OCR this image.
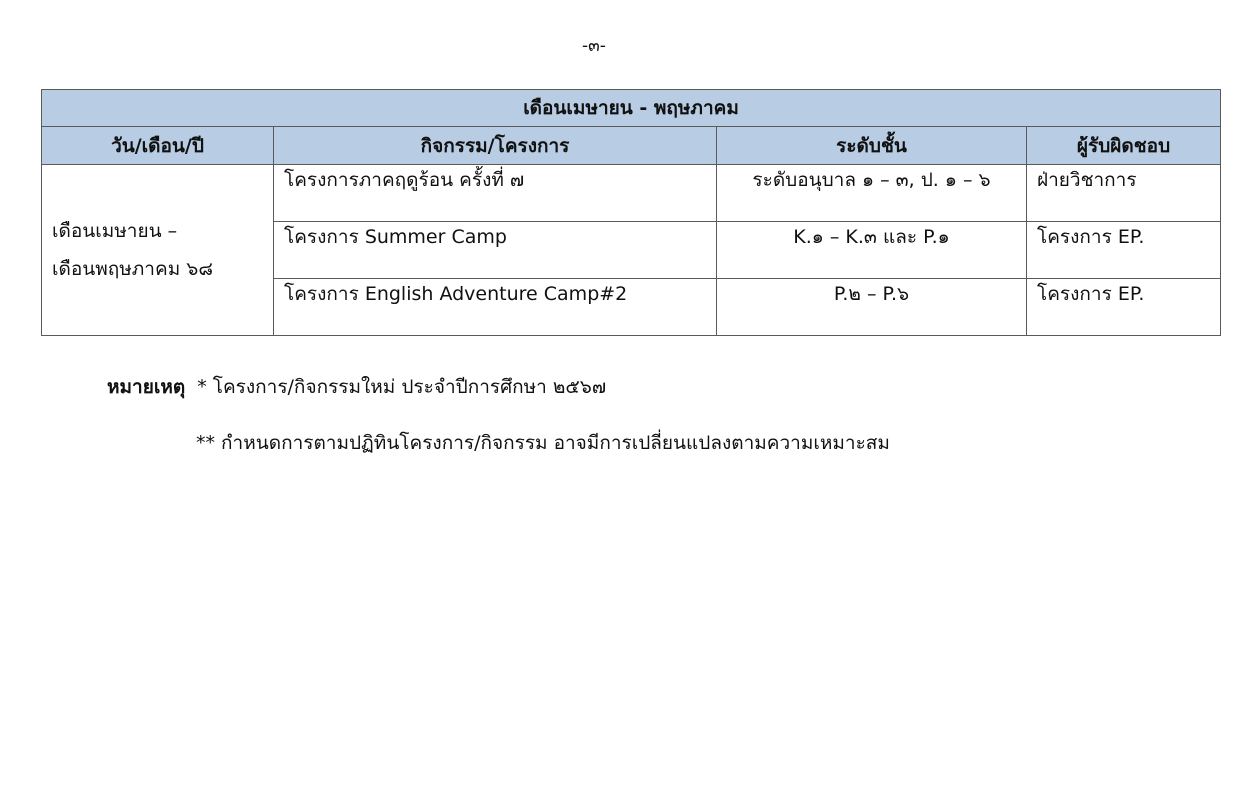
-๓-
เดือนเมษายน - พฤษภาคม			
วัน/เดือน/ปี	กิจกรรม/โครงการ	ระดับชั้น	ผู้รับผิดชอบ
เดือนเมษายน –
เดือนพฤษภาคม ๖๘	โครงการภาคฤดูร้อน ครั้งที่ ๗	ระดับอนุบาล ๑ – ๓, ป. ๑ – ๖	ฝ่ายวิชาการ
	โครงการ Summer Camp	K.๑ – K.๓ และ P.๑	โครงการ EP.
	โครงการ English Adventure Camp#2	P.๒ – P.๖	โครงการ EP.
หมายเหตุ * โครงการ/กิจกรรมใหม่ ประจำปีการศึกษา ๒๕๖๗
** กำหนดการตามปฏิทินโครงการ/กิจกรรม อาจมีการเปลี่ยนแปลงตามความเหมาะสม
